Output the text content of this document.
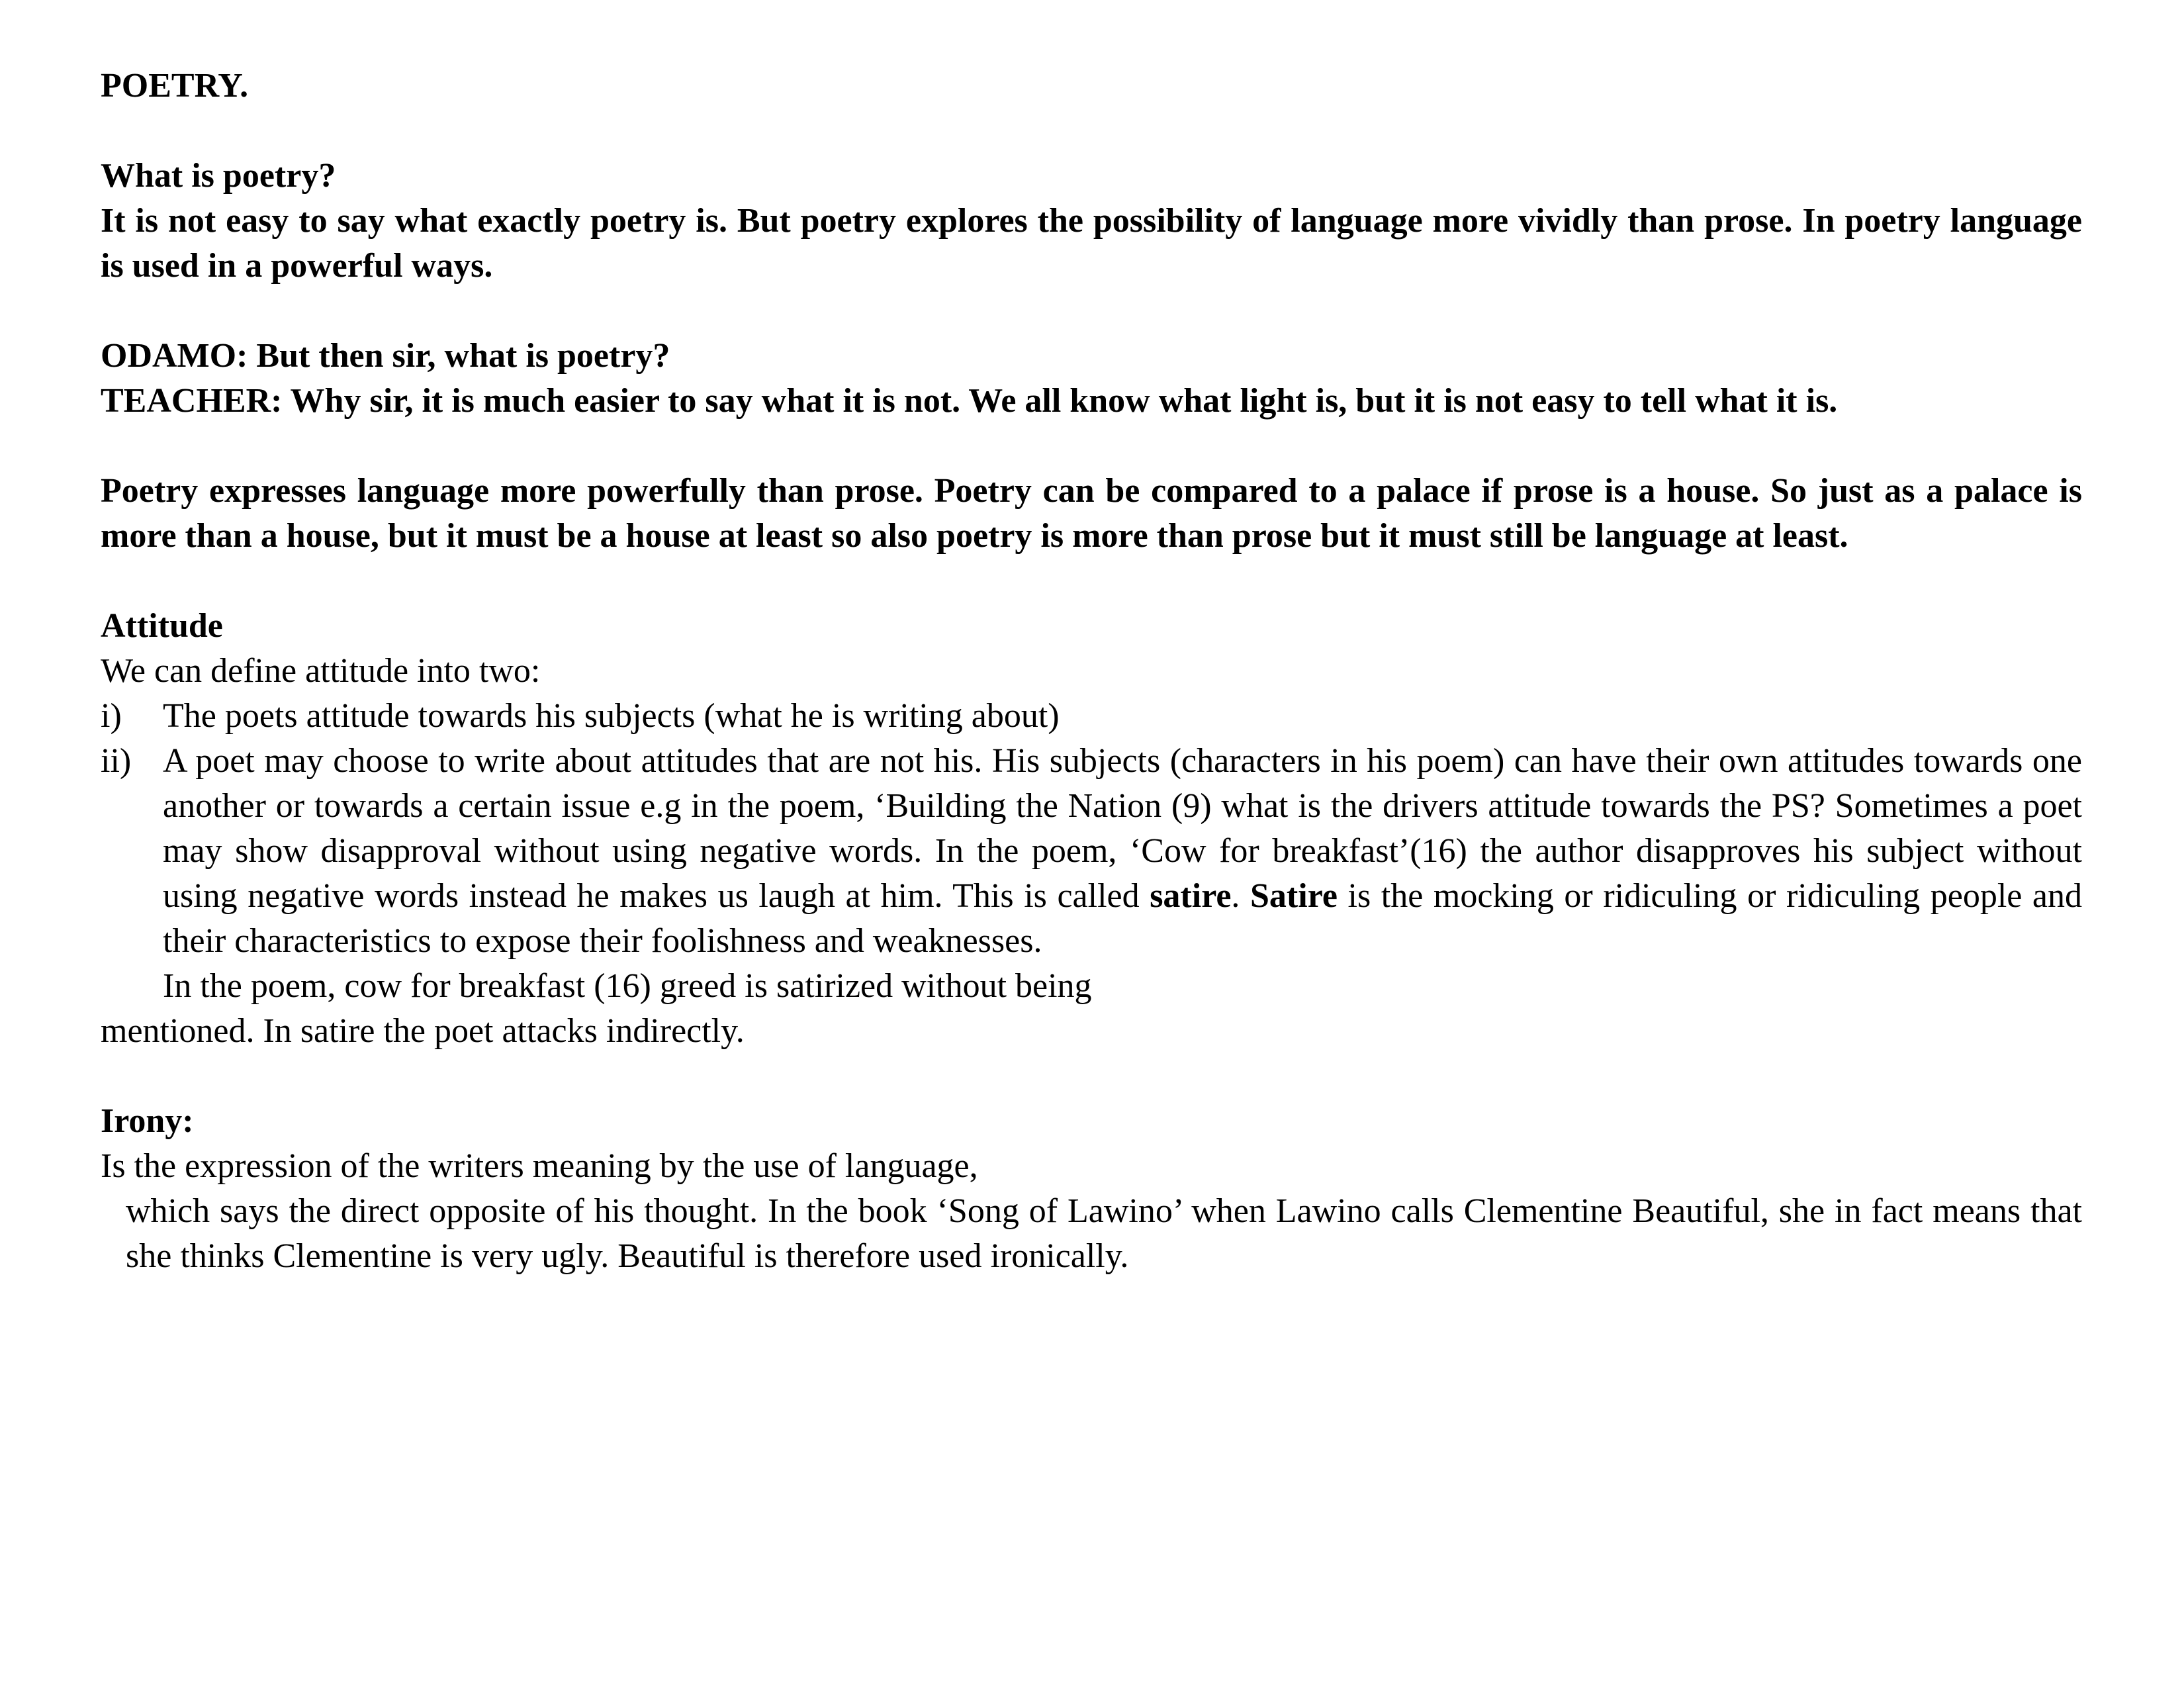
POETRY.
What is poetry?
It is not easy to say what exactly poetry is. But poetry explores the possibility of language more vividly than prose. In poetry language is used in a powerful ways.
ODAMO: But then sir, what is poetry?
TEACHER: Why sir, it is much easier to say what it is not. We all know what light is, but it is not easy to tell what it is.
Poetry expresses language more powerfully than prose. Poetry can be compared to a palace if prose is a house. So just as a palace is more than a house, but it must be a house at least so also poetry is more than prose but it must still be language at least.
Attitude
We can define attitude into two:
i) The poets attitude towards his subjects (what he is writing about)
ii) A poet may choose to write about attitudes that are not his. His subjects (characters in his poem) can have their own attitudes towards one another or towards a certain issue e.g in the poem, ‘Building the Nation (9) what is the drivers attitude towards the PS? Sometimes a poet may show disapproval without using negative words. In the poem, ‘Cow for breakfast’(16) the author disapproves his subject without using negative words instead he makes us laugh at him. This is called satire. Satire is the mocking or ridiculing or ridiculing people and their characteristics to expose their foolishness and weaknesses.
In the poem, cow for breakfast (16) greed is satirized without being
mentioned. In satire the poet attacks indirectly.
Irony:
Is the expression of the writers meaning by the use of language,
which says the direct opposite of his thought. In the book ‘Song of Lawino’ when Lawino calls Clementine Beautiful, she in fact means that she thinks Clementine is very ugly. Beautiful is therefore used ironically.
